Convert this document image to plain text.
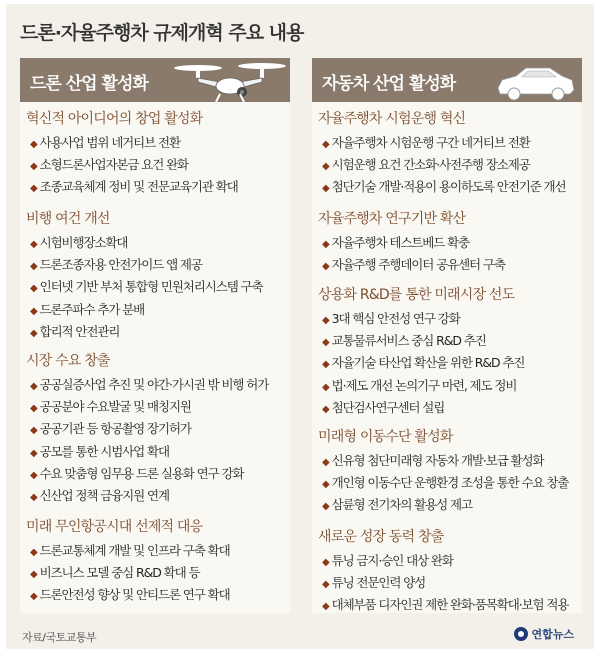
드론·자율주행차 규제개혁 주요 내용
드론 산업 활성화
혁신적 아이디어의 창업 활성화
◆ 사용사업 범위 네거티브 전환
◆ 소형드론사업자본금 요건 완화
◆ 조종교육체계 정비 및 전문교육기관 확대
비행 여건 개선
◆ 시험비행장소확대
◆ 드론조종자용 안전가이드 앱 제공
◆ 인터넷 기반 부처 통합형 민원처리시스템 구축
◆ 드론주파수 추가 분배
◆ 합리적 안전관리
시장 수요 창출
◆ 공공실증사업 추진 및 야간·가시권 밖 비행 허가
◆ 공공분야 수요발굴 및 매칭지원
◆ 공공기관 등 항공촬영 장기허가
◆ 공모를 통한 시범사업 확대
◆ 수요 맞춤형 임무용 드론 실용화 연구 강화
◆ 신산업 정책 금융지원 연계
미래 무인항공시대 선제적 대응
◆ 드론교통체계 개발 및 인프라 구축 확대
◆ 비즈니스 모델 중심 R&D 확대 등
◆ 드론안전성 향상 및 안티드론 연구 확대
자동차 산업 활성화
자율주행차 시험운행 혁신
◆ 자율주행차 시험운행 구간 네거티브 전환
◆ 시험운행 요건 간소화·사전주행 장소제공
◆ 첨단기술 개발·적용이 용이하도록 안전기준 개선
자율주행차 연구기반 확산
◆ 자율주행차 테스트베드 확충
◆ 자율주행 주행데이터 공유센터 구축
상용화 R&D를 통한 미래시장 선도
◆ 3대 핵심 안전성 연구 강화
◆ 교통물류서비스 중심 R&D 추진
◆ 자율기술 타산업 확산을 위한 R&D 추진
◆ 법·제도 개선 논의기구 마련, 제도 정비
◆ 첨단검사연구센터 설립
미래형 이동수단 활성화
◆ 신유형 첨단미래형 자동차 개발·보급 활성화
◆ 개인형 이동수단 운행환경 조성을 통한 수요 창출
◆ 삼륜형 전기차의 활용성 제고
새로운 성장 동력 창출
◆ 튜닝 금지·승인 대상 완화
◆ 튜닝 전문인력 양성
◆ 대체부품 디자인권 제한 완화·품목확대·보험 적용
자료/국토교통부	연합뉴스
